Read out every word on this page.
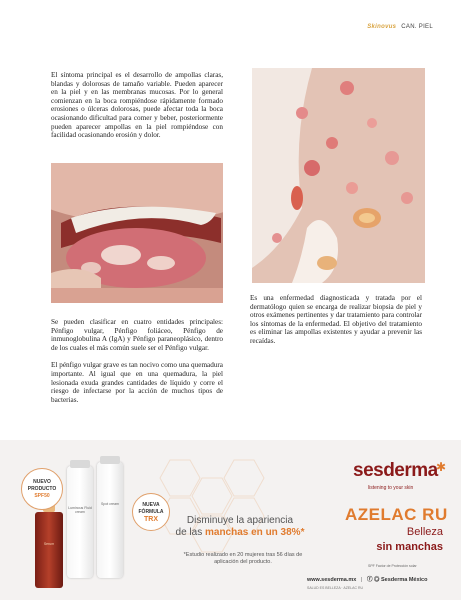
Skinovus CAN. PIEL

El síntoma principal es el desarrollo de ampollas claras, blandas y dolorosas de tamaño variable. Pueden aparecer en la piel y en las membranas mucosas. Por lo general comienzan en la boca rompiéndose rápidamente formado erosiones o úlceras dolorosas, puede afectar toda la boca ocasionando dificultad para comer y beber, posteriormente pueden aparecer ampollas en la piel rompiéndose con facilidad ocasionando erosión y dolor.

Se pueden clasificar en cuatro entidades principales: Pénfigo vulgar, Pénfigo foliáceo, Pénfigo de inmunoglobulina A (IgA) y Pénfigo paraneoplásico, dentro de los cuales el más común suele ser el Pénfigo vulgar.

El pénfigo vulgar grave es tan nocivo como una quemadura importante. Al igual que en una quemadura, la piel lesionada exuda grandes cantidades de líquido y corre el riesgo de infectarse por la acción de muchos tipos de bacterias.

Es una enfermedad diagnosticada y tratada por el dermatólogo quien se encarga de realizar biopsia de piel y otros exámenes pertinentes y dar tratamiento para controlar los síntomas de la enfermedad. El objetivo del tratamiento es eliminar las ampollas existentes y ayudar a prevenir las recaídas.

Luminous Fluid cream
Spot cream
Serum
NUEVO
PRODUCTO
SPF50
NUEVA
FÓRMULA
TRX	Disminuye la apariencia
de las manchas en un 38%*
*Estudio realizado en 20 mujeres tras 56 días de aplicación del producto.
sesderma
✱
listening to your skin
AZELAC RU
Belleza
sin manchas
SPF Factor de Protección solar
www.sesderma.mx | ⓕ ◎ Sesderma México
SALUD ES BELLEZA · AZELAC RU
